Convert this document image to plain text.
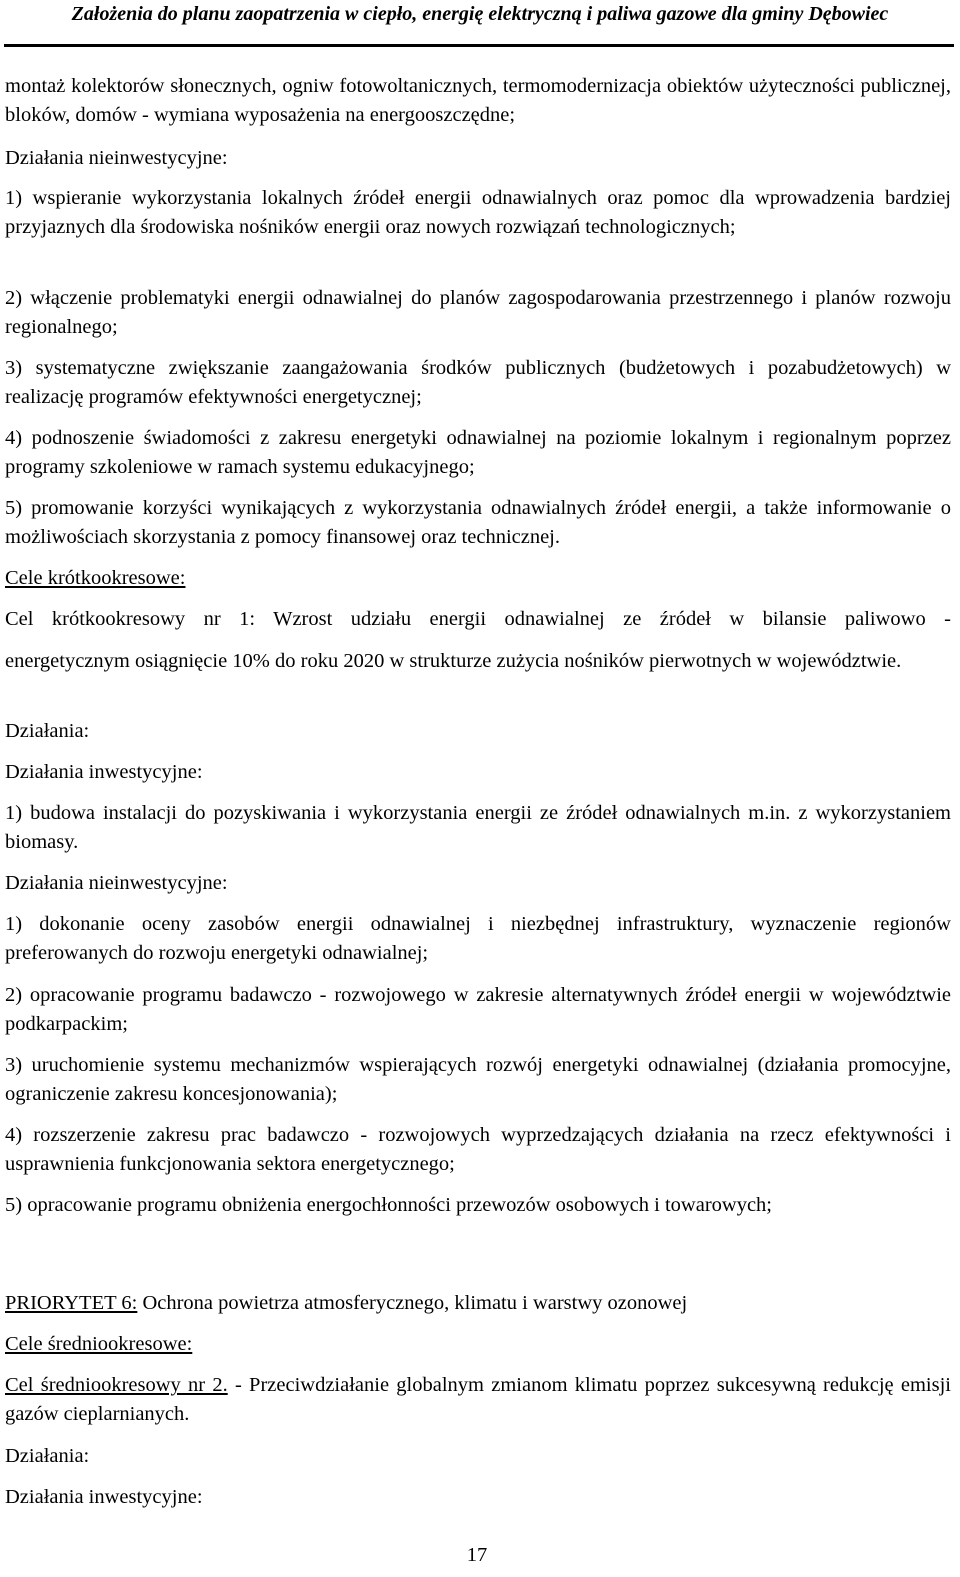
Założenia do planu zaopatrzenia w ciepło, energię elektryczną i paliwa gazowe dla gminy Dębowiec

montaż kolektorów słonecznych, ogniw fotowoltanicznych, termomodernizacja obiektów użyteczności publicznej, bloków, domów - wymiana wyposażenia na energooszczędne;

Działania nieinwestycyjne:

1) wspieranie wykorzystania lokalnych źródeł energii odnawialnych oraz pomoc dla wprowadzenia bardziej przyjaznych dla środowiska nośników energii oraz nowych rozwiązań technologicznych;

2) włączenie problematyki energii odnawialnej do planów zagospodarowania przestrzennego i planów rozwoju regionalnego;

3) systematyczne zwiększanie zaangażowania środków publicznych (budżetowych i pozabudżetowych) w realizację programów efektywności energetycznej;

4) podnoszenie świadomości z zakresu energetyki odnawialnej na poziomie lokalnym i regionalnym poprzez programy szkoleniowe w ramach systemu edukacyjnego;

5) promowanie korzyści wynikających z wykorzystania odnawialnych źródeł energii, a także informowanie o możliwościach skorzystania z pomocy finansowej oraz technicznej.

Cele krótkookresowe:

Cel krótkookresowy nr 1: Wzrost udziału energii odnawialnej ze źródeł w bilansie paliwowo -

energetycznym osiągnięcie 10% do roku 2020 w strukturze zużycia nośników pierwotnych w województwie.

Działania:

Działania inwestycyjne:

1) budowa instalacji do pozyskiwania i wykorzystania energii ze źródeł odnawialnych m.in. z wykorzystaniem biomasy.

Działania nieinwestycyjne:

1) dokonanie oceny zasobów energii odnawialnej i niezbędnej infrastruktury, wyznaczenie regionów preferowanych do rozwoju energetyki odnawialnej;

2) opracowanie programu badawczo - rozwojowego w zakresie alternatywnych źródeł energii w województwie podkarpackim;

3) uruchomienie systemu mechanizmów wspierających rozwój energetyki odnawialnej (działania promocyjne, ograniczenie zakresu koncesjonowania);

4) rozszerzenie zakresu prac badawczo - rozwojowych wyprzedzających działania na rzecz efektywności i usprawnienia funkcjonowania sektora energetycznego;

5) opracowanie programu obniżenia energochłonności przewozów osobowych i towarowych;

PRIORYTET 6: Ochrona powietrza atmosferycznego, klimatu i warstwy ozonowej

Cele średniookresowe:

Cel średniookresowy nr 2. - Przeciwdziałanie globalnym zmianom klimatu poprzez sukcesywną redukcję emisji gazów cieplarnianych.

Działania:

Działania inwestycyjne:

17
